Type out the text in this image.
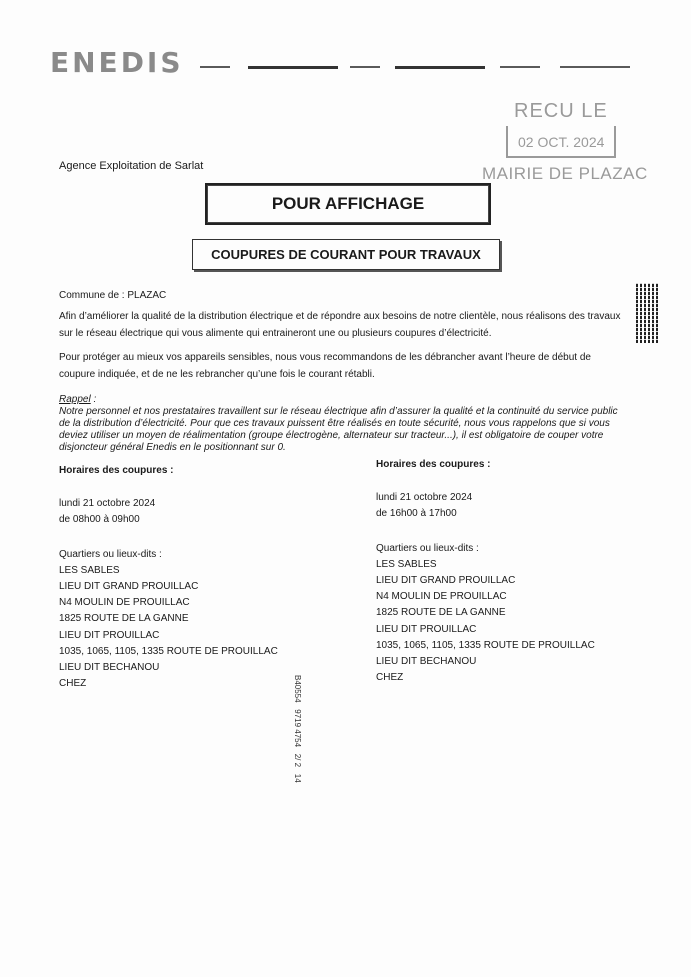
ENEDIS
RECU LE
02 OCT. 2024
MAIRIE DE PLAZAC
Agence Exploitation de Sarlat
POUR AFFICHAGE
COUPURES DE COURANT POUR TRAVAUX
Commune de : PLAZAC
Afin d’améliorer la qualité de la distribution électrique et de répondre aux besoins de notre clientèle, nous réalisons des travaux sur le réseau électrique qui vous alimente qui entraineront une ou plusieurs coupures d’électricité.
Pour protéger au mieux vos appareils sensibles, nous vous recommandons de les débrancher avant l’heure de début de coupure indiquée, et de ne les rebrancher qu’une fois le courant rétabli.
Rappel :
Notre personnel et nos prestataires travaillent sur le réseau électrique afin d’assurer la qualité et la continuité du service public de la distribution d’électricité. Pour que ces travaux puissent être réalisés en toute sécurité, nous vous rappelons que si vous deviez utiliser un moyen de réalimentation (groupe électrogène, alternateur sur tracteur...), il est obligatoire de couper votre disjoncteur général Enedis en le positionnant sur 0.
Horaires des coupures :
lundi 21 octobre 2024
de 08h00 à 09h00
Quartiers ou lieux-dits :
LES SABLES
LIEU DIT GRAND PROUILLAC
N4 MOULIN DE PROUILLAC
1825 ROUTE DE LA GANNE
LIEU DIT PROUILLAC
1035, 1065, 1105, 1335 ROUTE DE PROUILLAC
LIEU DIT BECHANOU
CHEZ
Horaires des coupures :
lundi 21 octobre 2024
de 16h00 à 17h00
Quartiers ou lieux-dits :
LES SABLES
LIEU DIT GRAND PROUILLAC
N4 MOULIN DE PROUILLAC
1825 ROUTE DE LA GANNE
LIEU DIT PROUILLAC
1035, 1065, 1105, 1335 ROUTE DE PROUILLAC
LIEU DIT BECHANOU
CHEZ
B40554   9719 4754   2/ 2   14
